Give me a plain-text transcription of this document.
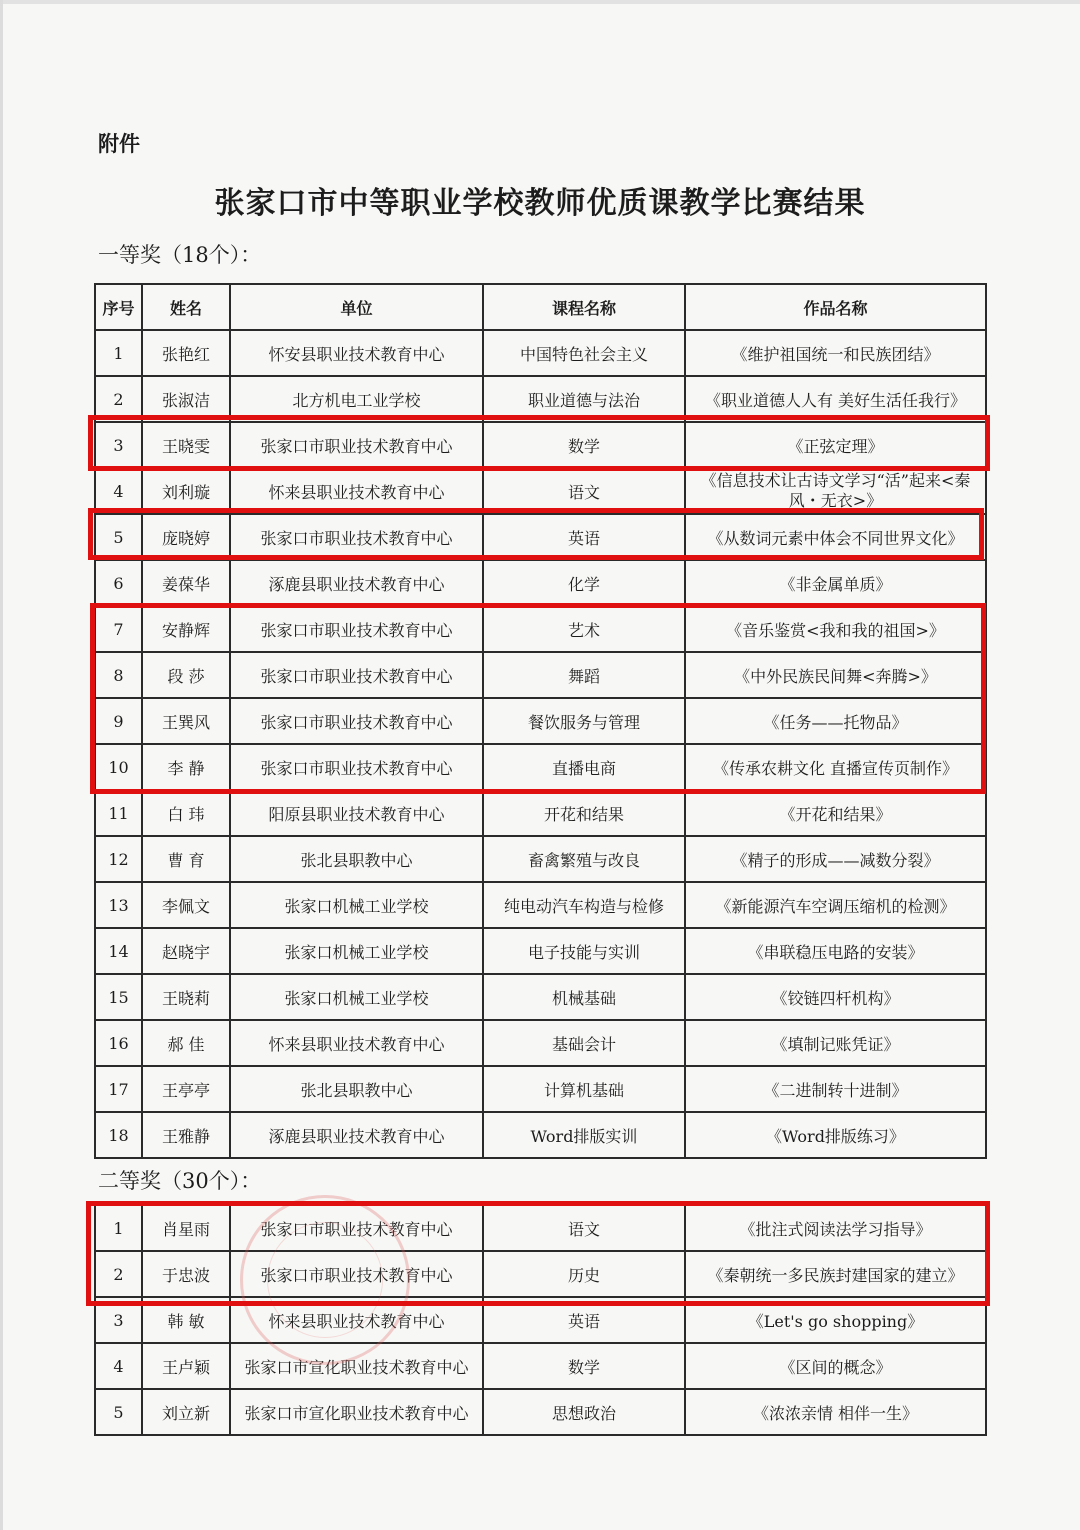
附件
张家口市中等职业学校教师优质课教学比赛结果
一等奖（18个）：
序号	姓名	单位	课程名称	作品名称
1	张艳红	怀安县职业技术教育中心	中国特色社会主义	《维护祖国统一和民族团结》
2	张淑洁	北方机电工业学校	职业道德与法治	《职业道德人人有 美好生活任我行》
3	王晓雯	张家口市职业技术教育中心	数学	《正弦定理》
4	刘利璇	怀来县职业技术教育中心	语文	《信息技术让古诗文学习“活”起来<秦风・无衣>》
5	庞晓婷	张家口市职业技术教育中心	英语	《从数词元素中体会不同世界文化》
6	姜葆华	涿鹿县职业技术教育中心	化学	《非金属单质》
7	安静辉	张家口市职业技术教育中心	艺术	《音乐鉴赏<我和我的祖国>》
8	段 莎	张家口市职业技术教育中心	舞蹈	《中外民族民间舞<奔腾>》
9	王巽风	张家口市职业技术教育中心	餐饮服务与管理	《任务——托物品》
10	李 静	张家口市职业技术教育中心	直播电商	《传承农耕文化 直播宣传页制作》
11	白 玮	阳原县职业技术教育中心	开花和结果	《开花和结果》
12	曹 育	张北县职教中心	畜禽繁殖与改良	《精子的形成——减数分裂》
13	李佩文	张家口机械工业学校	纯电动汽车构造与检修	《新能源汽车空调压缩机的检测》
14	赵晓宇	张家口机械工业学校	电子技能与实训	《串联稳压电路的安装》
15	王晓莉	张家口机械工业学校	机械基础	《铰链四杆机构》
16	郝 佳	怀来县职业技术教育中心	基础会计	《填制记账凭证》
17	王亭亭	张北县职教中心	计算机基础	《二进制转十进制》
18	王雅静	涿鹿县职业技术教育中心	Word排版实训	《Word排版练习》
二等奖（30个）：
1	肖星雨	张家口市职业技术教育中心	语文	《批注式阅读法学习指导》
2	于忠波	张家口市职业技术教育中心	历史	《秦朝统一多民族封建国家的建立》
3	韩 敏	怀来县职业技术教育中心	英语	《Let's go shopping》
4	王卢颖	张家口市宣化职业技术教育中心	数学	《区间的概念》
5	刘立新	张家口市宣化职业技术教育中心	思想政治	《浓浓亲情 相伴一生》
